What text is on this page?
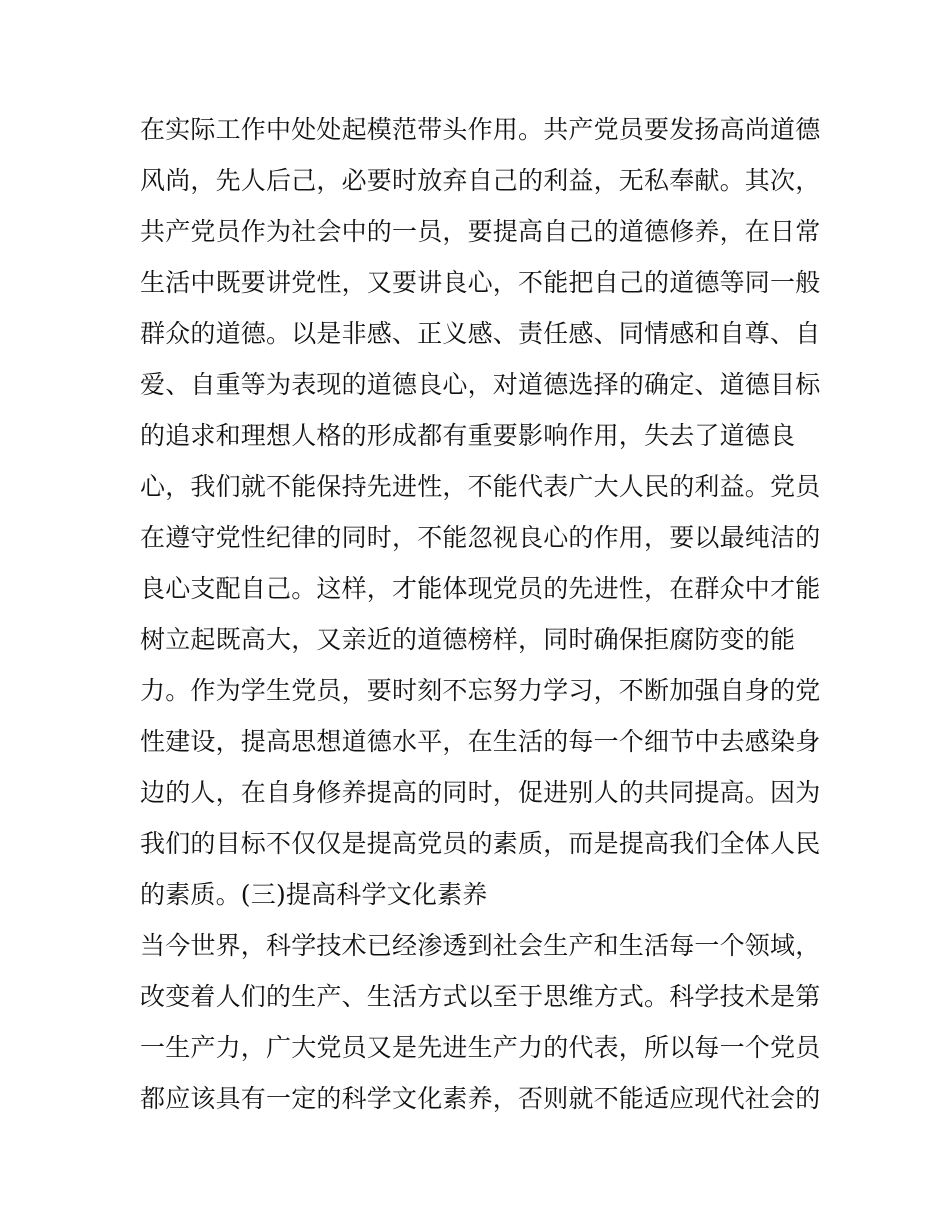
在实际工作中处处起模范带头作用。共产党员要发扬高尚道德
风尚，先人后己，必要时放弃自己的利益，无私奉献。其次，
共产党员作为社会中的一员，要提高自己的道德修养，在日常
生活中既要讲党性，又要讲良心，不能把自己的道德等同一般
群众的道德。以是非感、正义感、责任感、同情感和自尊、自
爱、自重等为表现的道德良心，对道德选择的确定、道德目标
的追求和理想人格的形成都有重要影响作用，失去了道德良
心，我们就不能保持先进性，不能代表广大人民的利益。党员
在遵守党性纪律的同时，不能忽视良心的作用，要以最纯洁的
良心支配自己。这样，才能体现党员的先进性，在群众中才能
树立起既高大，又亲近的道德榜样，同时确保拒腐防变的能
力。作为学生党员，要时刻不忘努力学习，不断加强自身的党
性建设，提高思想道德水平，在生活的每一个细节中去感染身
边的人，在自身修养提高的同时，促进别人的共同提高。因为
我们的目标不仅仅是提高党员的素质，而是提高我们全体人民
的素质。(三)提高科学文化素养
当今世界，科学技术已经渗透到社会生产和生活每一个领域，
改变着人们的生产、生活方式以至于思维方式。科学技术是第
一生产力，广大党员又是先进生产力的代表，所以每一个党员
都应该具有一定的科学文化素养，否则就不能适应现代社会的
